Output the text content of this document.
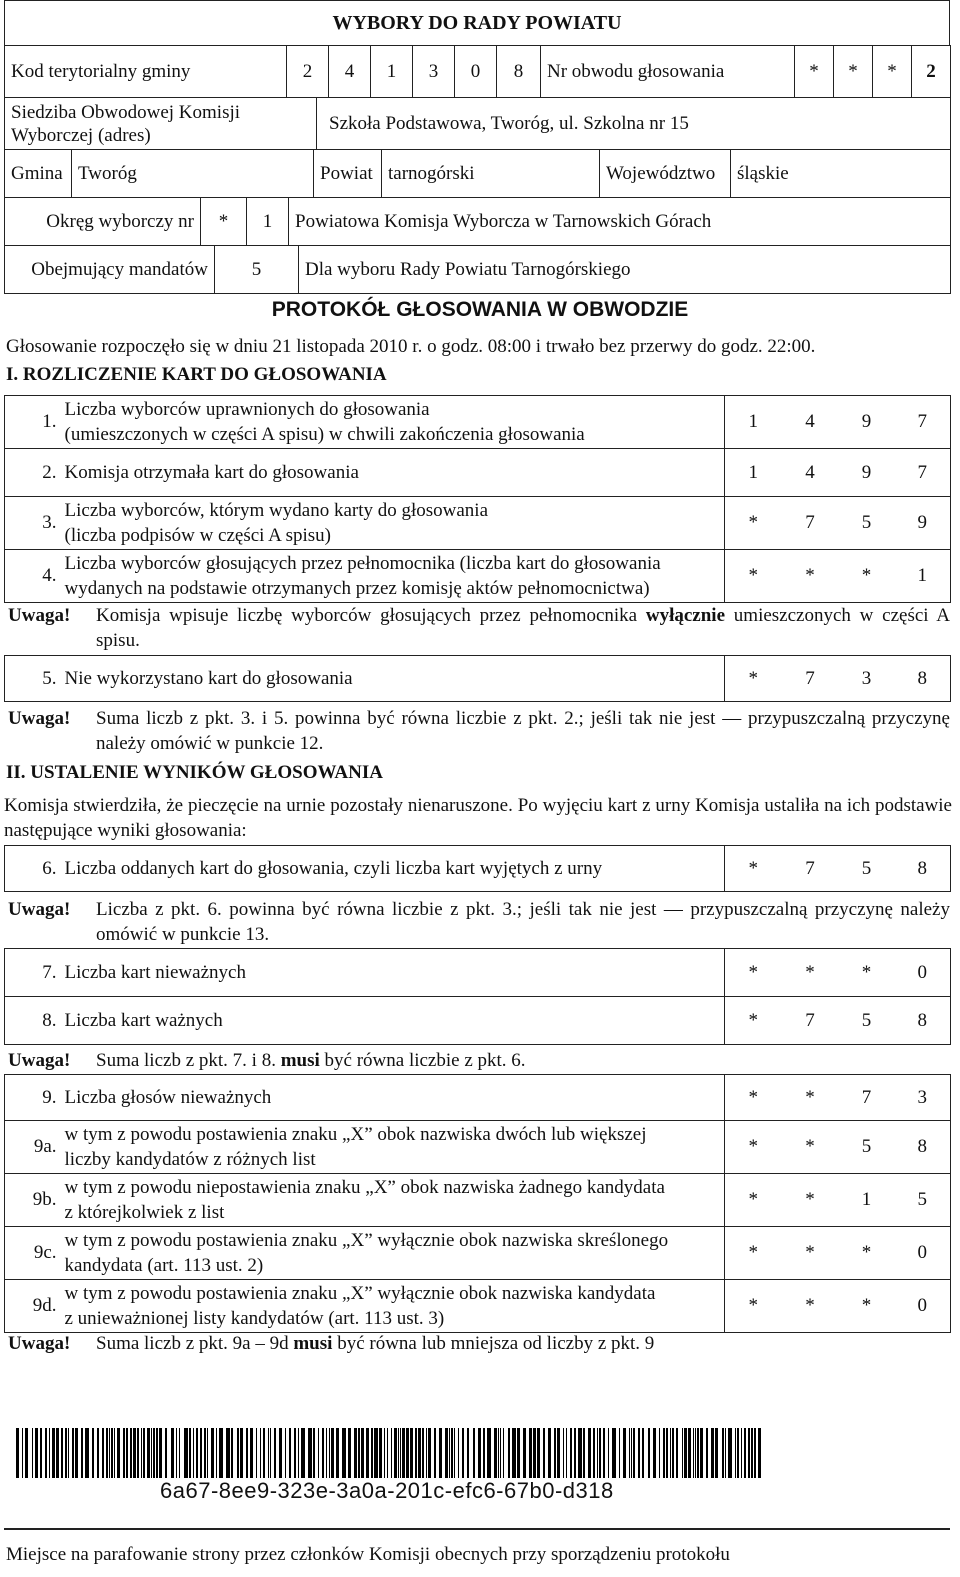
WYBORY DO RADY POWIATU
Kod terytorialny gminy	2	4	1	3	0	8	Nr obwodu głosowania	*	*	*	2
Siedziba Obwodowej Komisji Wyborczej (adres)	Szkoła Podstawowa, Tworóg, ul. Szkolna nr 15
Gmina	Tworóg	Powiat	tarnogórski	Województwo	śląskie
Okręg wyborczy nr	*	1	Powiatowa Komisja Wyborcza w Tarnowskich Górach
Obejmujący mandatów	5	Dla wyboru Rady Powiatu Tarnogórskiego
PROTOKÓŁ GŁOSOWANIA W OBWODZIE
Głosowanie rozpoczęło się w dniu 21 listopada 2010 r. o godz. 08:00 i trwało bez przerwy do godz. 22:00.
I. ROZLICZENIE KART DO GŁOSOWANIA
1.	Liczba wyborców uprawnionych do głosowania
(umieszczonych w części A spisu) w chwili zakończenia głosowania	1	4	9	7
2.	Komisja otrzymała kart do głosowania	1	4	9	7
3.	Liczba wyborców, którym wydano karty do głosowania
(liczba podpisów w części A spisu)	*	7	5	9
4.	Liczba wyborców głosujących przez pełnomocnika (liczba kart do głosowania
wydanych na podstawie otrzymanych przez komisję aktów pełnomocnictwa)	*	*	*	1
Uwaga! Komisja wpisuje liczbę wyborców głosujących przez pełnomocnika wyłącznie umieszczonych w części A spisu.
5.	Nie wykorzystano kart do głosowania	*	7	3	8
Uwaga! Suma liczb z pkt. 3. i 5. powinna być równa liczbie z pkt. 2.; jeśli tak nie jest — przypuszczalną przyczynę należy omówić w punkcie 12.
II. USTALENIE WYNIKÓW GŁOSOWANIA
Komisja stwierdziła, że pieczęcie na urnie pozostały nienaruszone. Po wyjęciu kart z urny Komisja ustaliła na ich podstawie następujące wyniki głosowania:
6.	Liczba oddanych kart do głosowania, czyli liczba kart wyjętych z urny	*	7	5	8
Uwaga! Liczba z pkt. 6. powinna być równa liczbie z pkt. 3.; jeśli tak nie jest — przypuszczalną przyczynę należy omówić w punkcie 13.
7.	Liczba kart nieważnych	*	*	*	0
8.	Liczba kart ważnych	*	7	5	8
Uwaga! Suma liczb z pkt. 7. i 8. musi być równa liczbie z pkt. 6.
9.	Liczba głosów nieważnych	*	*	7	3
9a.	w tym z powodu postawienia znaku „X” obok nazwiska dwóch lub większej
liczby kandydatów z różnych list	*	*	5	8
9b.	w tym z powodu niepostawienia znaku „X” obok nazwiska żadnego kandydata
z którejkolwiek z list	*	*	1	5
9c.	w tym z powodu postawienia znaku „X” wyłącznie obok nazwiska skreślonego
kandydata (art. 113 ust. 2)	*	*	*	0
9d.	w tym z powodu postawienia znaku „X” wyłącznie obok nazwiska kandydata
z unieważnionej listy kandydatów (art. 113 ust. 3)	*	*	*	0
Uwaga! Suma liczb z pkt. 9a – 9d musi być równa lub mniejsza od liczby z pkt. 9
6a67-8ee9-323e-3a0a-201c-efc6-67b0-d318
Miejsce na parafowanie strony przez członków Komisji obecnych przy sporządzeniu protokołu
